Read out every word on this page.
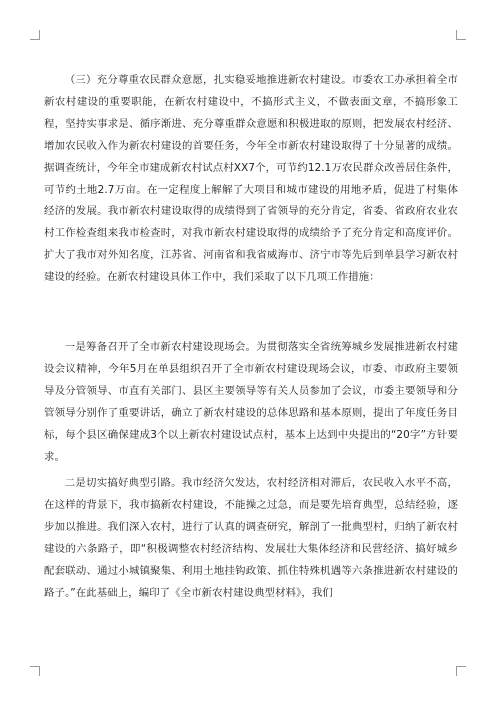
（三）充分尊重农民群众意愿，扎实稳妥地推进新农村建设。市委农工办承担着全市新农村建设的重要职能，在新农村建设中，不搞形式主义，不做表面文章，不搞形象工程，坚持实事求是、循序渐进、充分尊重群众意愿和积极进取的原则，把发展农村经济、增加农民收入作为新农村建设的首要任务，今年全市新农村建设取得了十分显著的成绩。据调查统计，今年全市建成新农村试点村XX7个，可节约12.1万农民群众改善居住条件，可节约土地2.7万亩。在一定程度上解解了大项目和城市建设的用地矛盾，促进了村集体经济的发展。我市新农村建设取得的成绩得到了省领导的充分肯定，省委、省政府农业农村工作检查组来我市检查时，对我市新农村建设取得的成绩给予了充分肯定和高度评价。扩大了我市对外知名度，江苏省、河南省和我省威海市、济宁市等先后到单县学习新农村建设的经验。在新农村建设具体工作中，我们采取了以下几项工作措施：

一是筹备召开了全市新农村建设现场会。为贯彻落实全省统筹城乡发展推进新农村建设会议精神，今年5月在单县组织召开了全市新农村建设现场会议，市委、市政府主要领导及分管领导、市直有关部门、县区主要领导等有关人员参加了会议，市委主要领导和分管领导分别作了重要讲话，确立了新农村建设的总体思路和基本原则，提出了年度任务目标，每个县区确保建成3个以上新农村建设试点村，基本上达到中央提出的“20字”方针要求。

二是切实搞好典型引路。我市经济欠发达，农村经济相对滞后，农民收入水平不高，在这样的背景下，我市搞新农村建设，不能操之过急，而是要先培育典型，总结经验，逐步加以推进。我们深入农村，进行了认真的调查研究，解剖了一批典型村，归纳了新农村建设的六条路子，即“积极调整农村经济结构、发展壮大集体经济和民营经济、搞好城乡配套联动、通过小城镇聚集、利用土地挂钩政策、抓住特殊机遇等六条推进新农村建设的路子。”在此基础上，编印了《全市新农村建设典型材料》，我们
